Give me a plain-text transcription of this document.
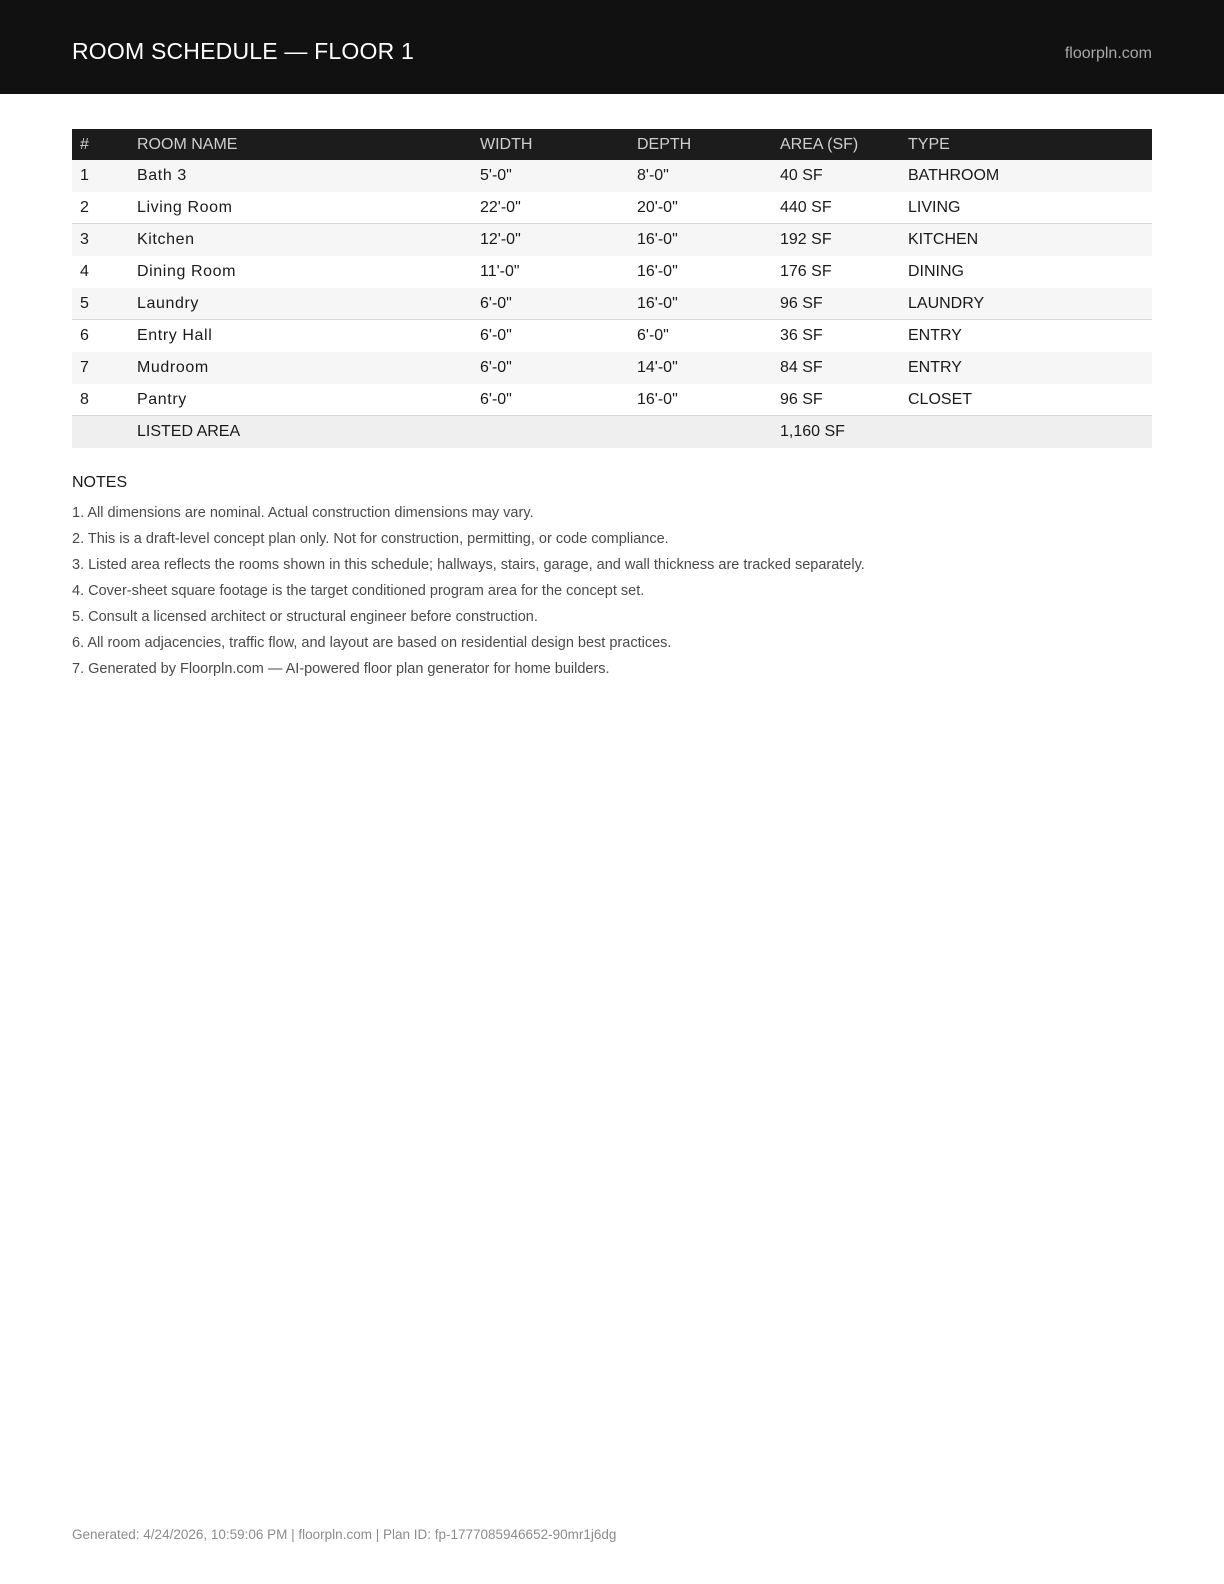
ROOM SCHEDULE — FLOOR 1	floorpln.com
#	ROOM NAME	WIDTH	DEPTH	AREA (SF)	TYPE
1	Bath 3	5'-0"	8'-0"	40 SF	BATHROOM
2	Living Room	22'-0"	20'-0"	440 SF	LIVING
3	Kitchen	12'-0"	16'-0"	192 SF	KITCHEN
4	Dining Room	11'-0"	16'-0"	176 SF	DINING
5	Laundry	6'-0"	16'-0"	96 SF	LAUNDRY
6	Entry Hall	6'-0"	6'-0"	36 SF	ENTRY
7	Mudroom	6'-0"	14'-0"	84 SF	ENTRY
8	Pantry	6'-0"	16'-0"	96 SF	CLOSET
	LISTED AREA			1,160 SF	
NOTES
1. All dimensions are nominal. Actual construction dimensions may vary.
2. This is a draft-level concept plan only. Not for construction, permitting, or code compliance.
3. Listed area reflects the rooms shown in this schedule; hallways, stairs, garage, and wall thickness are tracked separately.
4. Cover-sheet square footage is the target conditioned program area for the concept set.
5. Consult a licensed architect or structural engineer before construction.
6. All room adjacencies, traffic flow, and layout are based on residential design best practices.
7. Generated by Floorpln.com — AI-powered floor plan generator for home builders.
Generated: 4/24/2026, 10:59:06 PM | floorpln.com | Plan ID: fp-1777085946652-90mr1j6dg
